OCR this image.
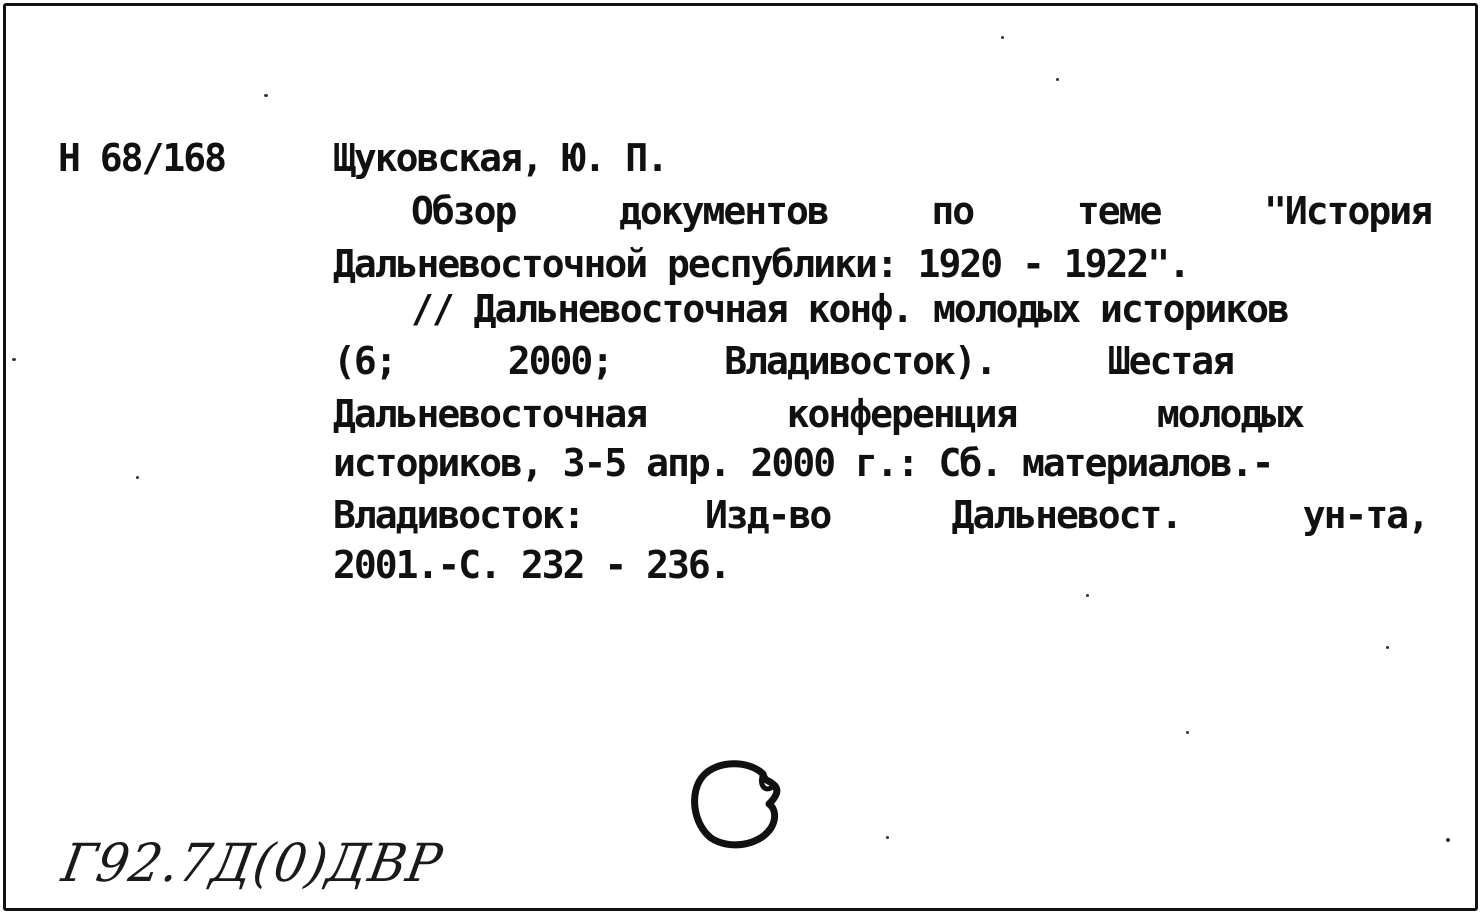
Н 68/168	Щуковская, Ю. П.
Обзор	документов	по	теме	"История
Дальневосточной республики: 1920 - 1922".
// Дальневосточная конф. молодых историков
(6;	2000;	Владивосток).	Шестая
Дальневосточная	конференция	молодых
историков, 3-5 апр. 2000 г.: Сб. материалов.-
Владивосток:	Изд-во	Дальневост.	ун-та,
2001.-С. 232 - 236.
Г92.7Д(0)ДВР
